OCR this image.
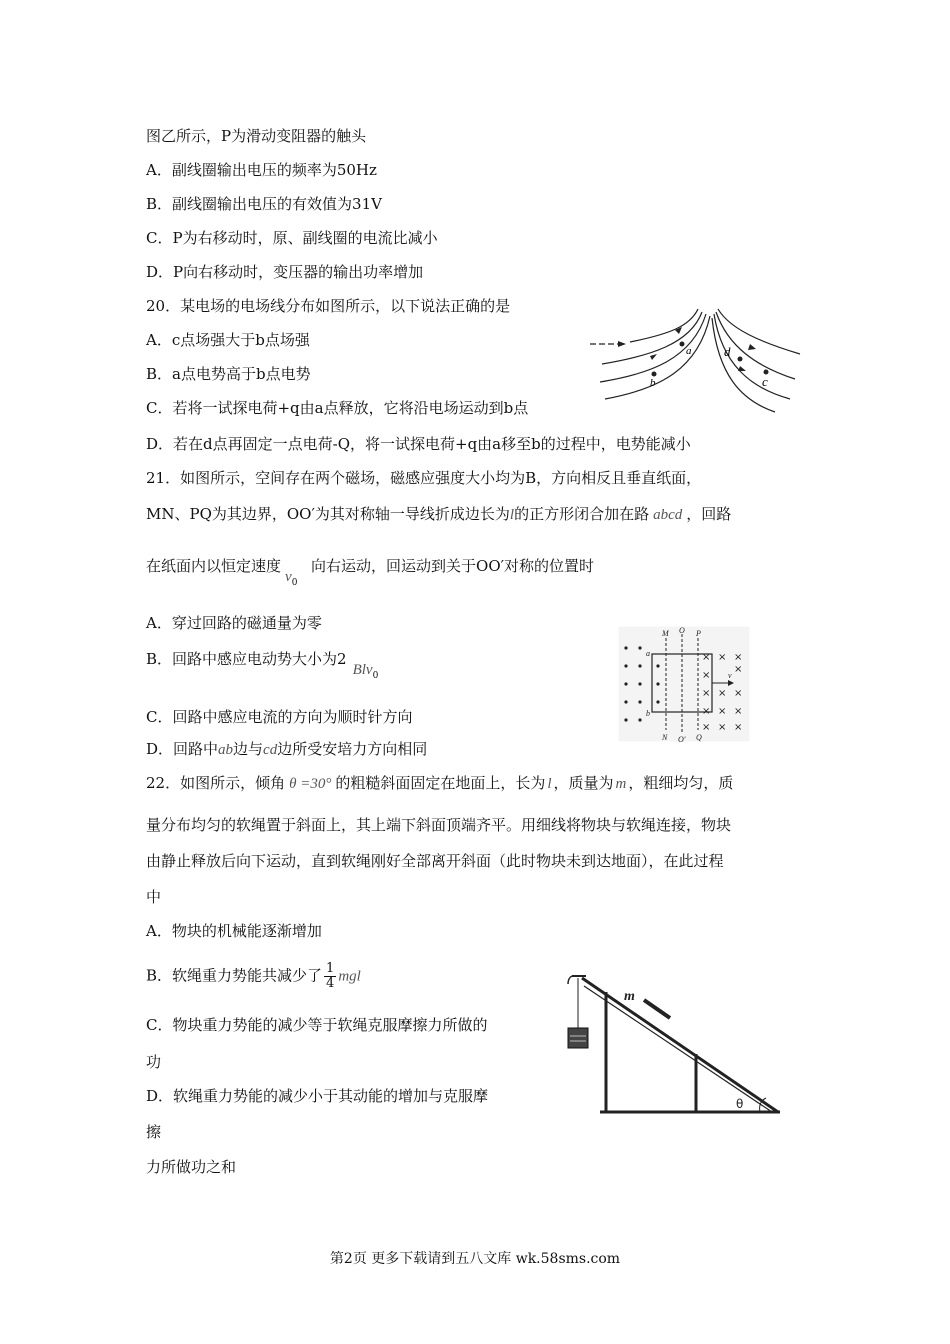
图乙所示，P为滑动变阻器的触头
A．副线圈输出电压的频率为50Hz
B．副线圈输出电压的有效值为31V
C．P为右移动时，原、副线圈的电流比减小
D．P向右移动时，变压器的输出功率增加
20．某电场的电场线分布如图所示，以下说法正确的是
A．c点场强大于b点场强
B．a点电势高于b点电势
C．若将一试探电荷+q由a点释放，它将沿电场运动到b点
D．若在d点再固定一点电荷-Q，将一试探电荷+q由a移至b的过程中，电势能减小
a
b
d
c
21．如图所示，空间存在两个磁场，磁感应强度大小均为B，方向相反且垂直纸面，
MN、PQ为其边界，OO′为其对称轴一导线折成边长为l的正方形闭合加在路 abcd ，回路
在纸面内以恒定速度$v_0$向右运动，回运动到关于OO′对称的位置时
A．穿过回路的磁通量为零
B．回路中感应电动势大小为2Blv$_0$
C．回路中感应电流的方向为顺时针方向
D．回路中ab边与cd边所受安培力方向相同
× × ×
×
×
× × ×
× × ×
× × ×
M O P
N O′ Q
a
b
v
22．如图所示，倾角 θ =30° 的粗糙斜面固定在地面上，长为 l ，质量为 m ，粗细均匀，质
量分布均匀的软绳置于斜面上，其上端下斜面顶端齐平。用细线将物块与软绳连接，物块
由静止释放后向下运动，直到软绳刚好全部离开斜面（此时物块未到达地面），在此过程
中
A．物块的机械能逐渐增加
B．软绳重力势能共减少了 $\frac{1}{4}$ mgl
C．物块重力势能的减少等于软绳克服摩擦力所做的
功
D．软绳重力势能的减少小于其动能的增加与克服摩
擦
力所做功之和
m
θ
第2页 更多下载请到五八文库 wk.58sms.com
